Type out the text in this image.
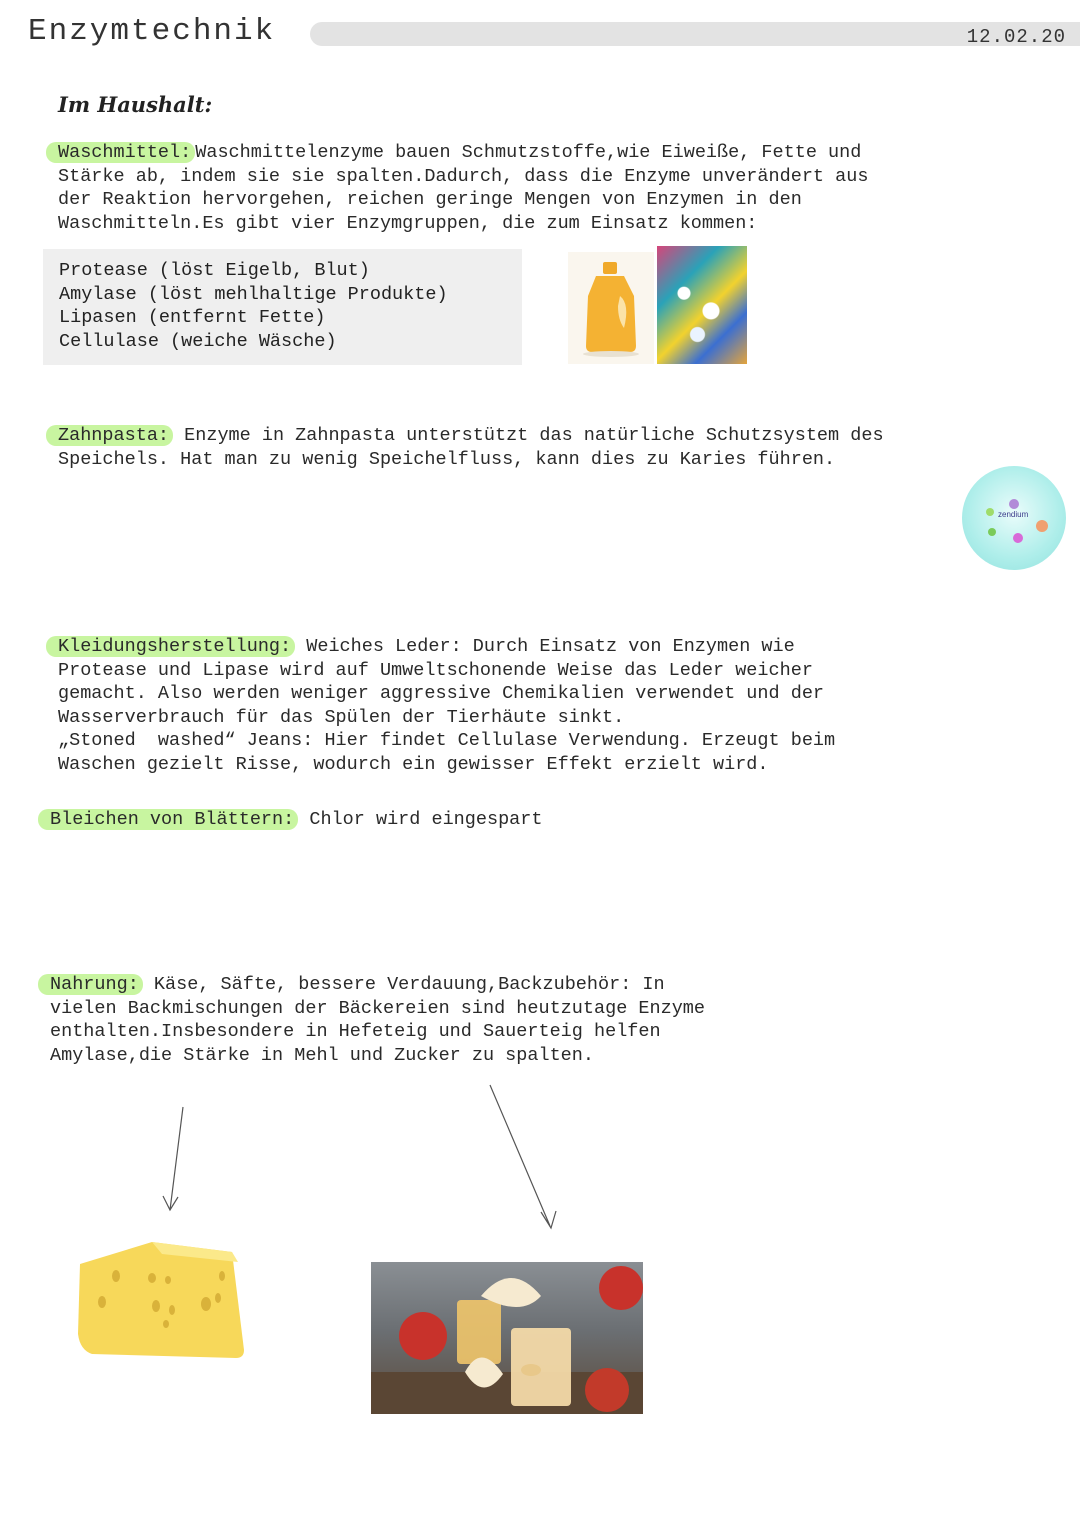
Enzymtechnik	12.02.20
Im Haushalt:

Waschmittel: Waschmittelenzyme bauen Schmutzstoffe,wie Eiweiße, Fette und
Stärke ab, indem sie sie spalten.Dadurch, dass die Enzyme unverändert aus
der Reaktion hervorgehen, reichen geringe Mengen von Enzymen in den
Waschmitteln.Es gibt vier Enzymgruppen, die zum Einsatz kommen:

Protease (löst Eigelb, Blut)
Amylase (löst mehlhaltige Produkte)
Lipasen (entfernt Fette)
Cellulase (weiche Wäsche)

Zahnpasta: Enzyme in Zahnpasta unterstützt das natürliche Schutzsystem des
Speichels. Hat man zu wenig Speichelfluss, kann dies zu Karies führen.

zendium

Kleidungsherstellung: Weiches Leder: Durch Einsatz von Enzymen wie
Protease und Lipase wird auf Umweltschonende Weise das Leder weicher
gemacht. Also werden weniger aggressive Chemikalien verwendet und der
Wasserverbrauch für das Spülen der Tierhäute sinkt.
„Stoned  washed“ Jeans: Hier findet Cellulase Verwendung. Erzeugt beim
Waschen gezielt Risse, wodurch ein gewisser Effekt erzielt wird.

Bleichen von Blättern: Chlor wird eingespart

Nahrung: Käse, Säfte, bessere Verdauung,Backzubehör: In
vielen Backmischungen der Bäckereien sind heutzutage Enzyme
enthalten.Insbesondere in Hefeteig und Sauerteig helfen
Amylase,die Stärke in Mehl und Zucker zu spalten.
